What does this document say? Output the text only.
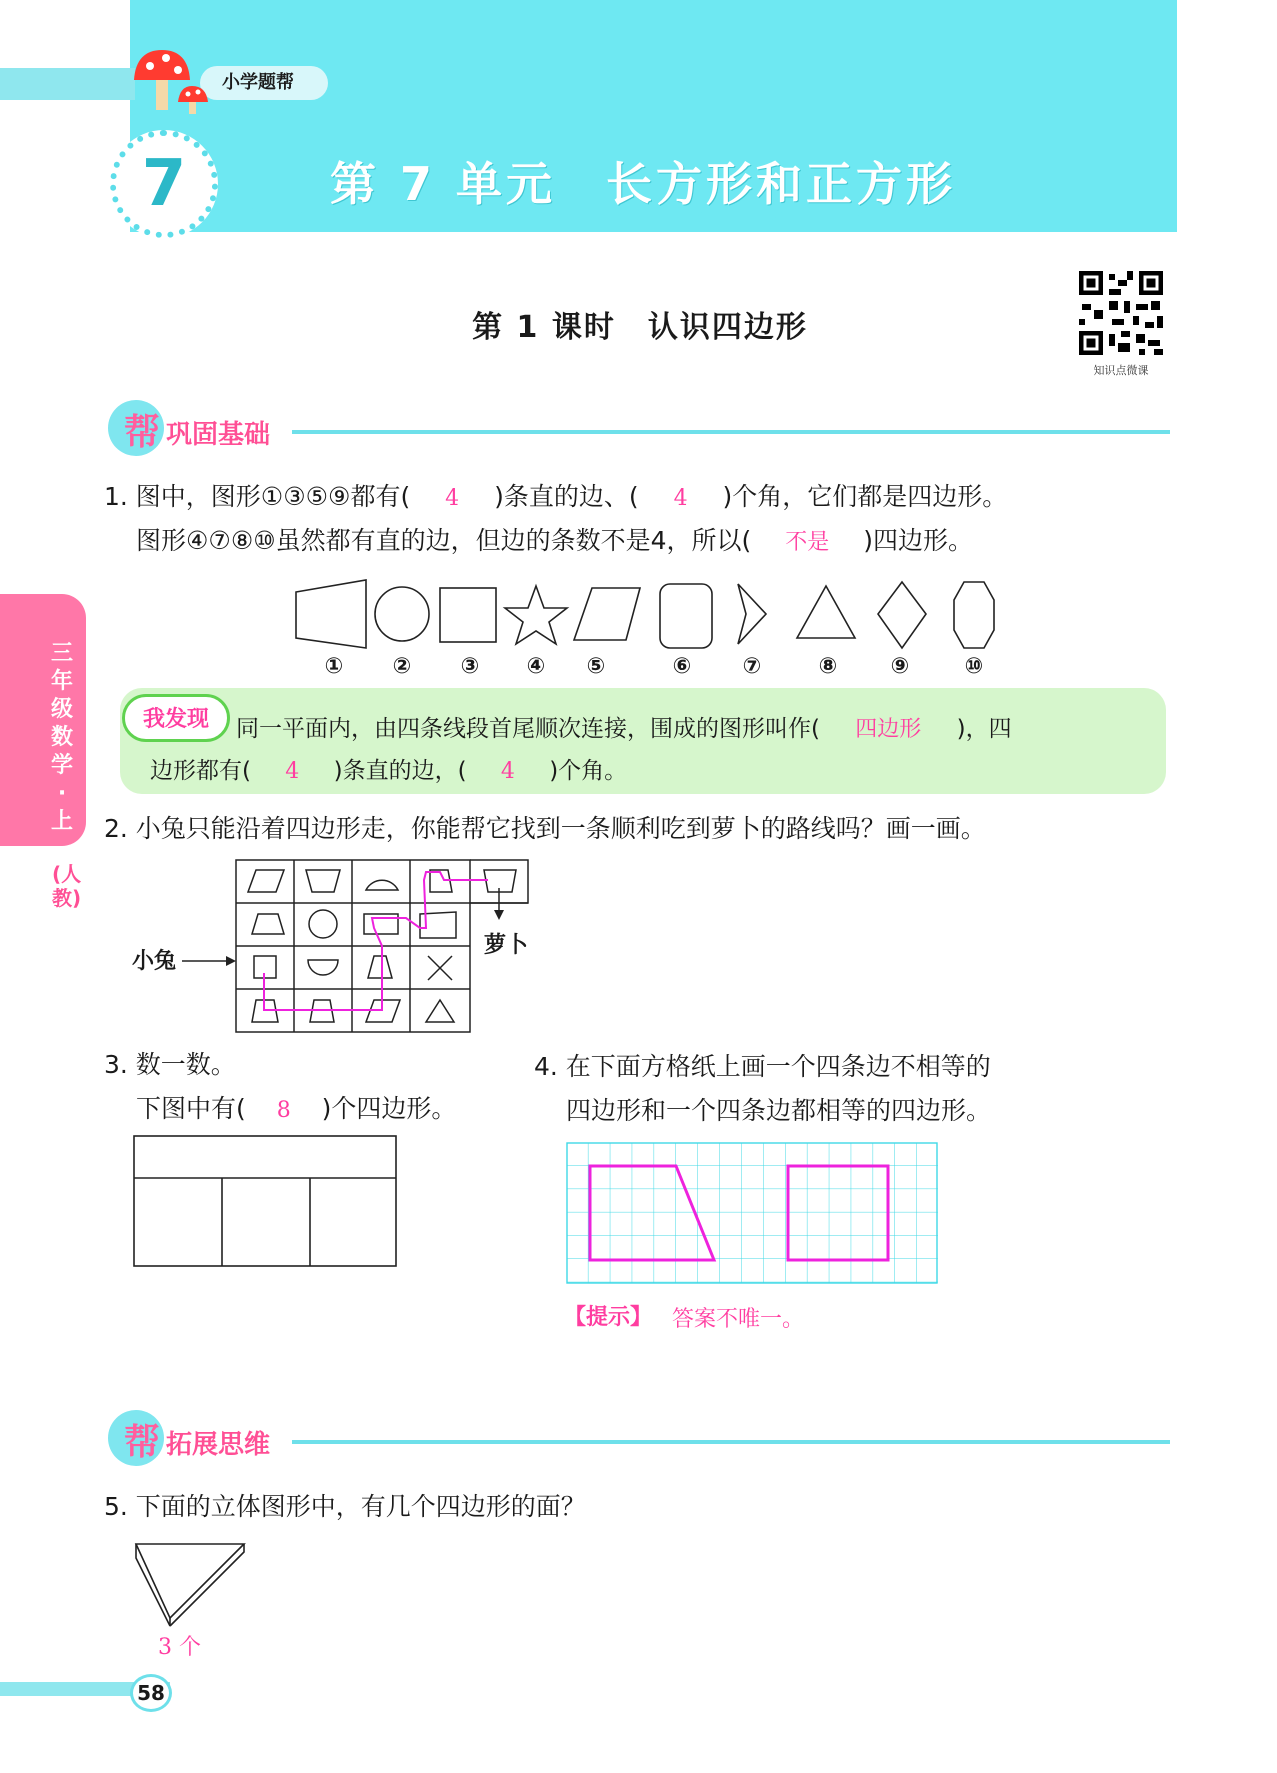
小学题帮
7	第 7 单元　长方形和正方形
第 1 课时　认识四边形
知识点微课
三年级数学·上
(人教)
帮 巩固基础
1. 图中，图形①③⑤⑨都有( 4 )条直的边、( 4 )个角，它们都是四边形。
图形④⑦⑧⑩虽然都有直的边，但边的条数不是4，所以( 不是 )四边形。
①	②	③	④	⑤	⑥	⑦	⑧	⑨	⑩
我发现	同一平面内，由四条线段首尾顺次连接，围成的图形叫作( 四边形 )，四
边形都有( 4 )条直的边，( 4 )个角。
2. 小兔只能沿着四边形走，你能帮它找到一条顺利吃到萝卜的路线吗？画一画。
小兔
萝卜
3. 数一数。
下图中有( 8 )个四边形。
4. 在下面方格纸上画一个四条边不相等的
四边形和一个四条边都相等的四边形。
【提示】 答案不唯一。
帮 拓展思维
5. 下面的立体图形中，有几个四边形的面？
3 个
58
